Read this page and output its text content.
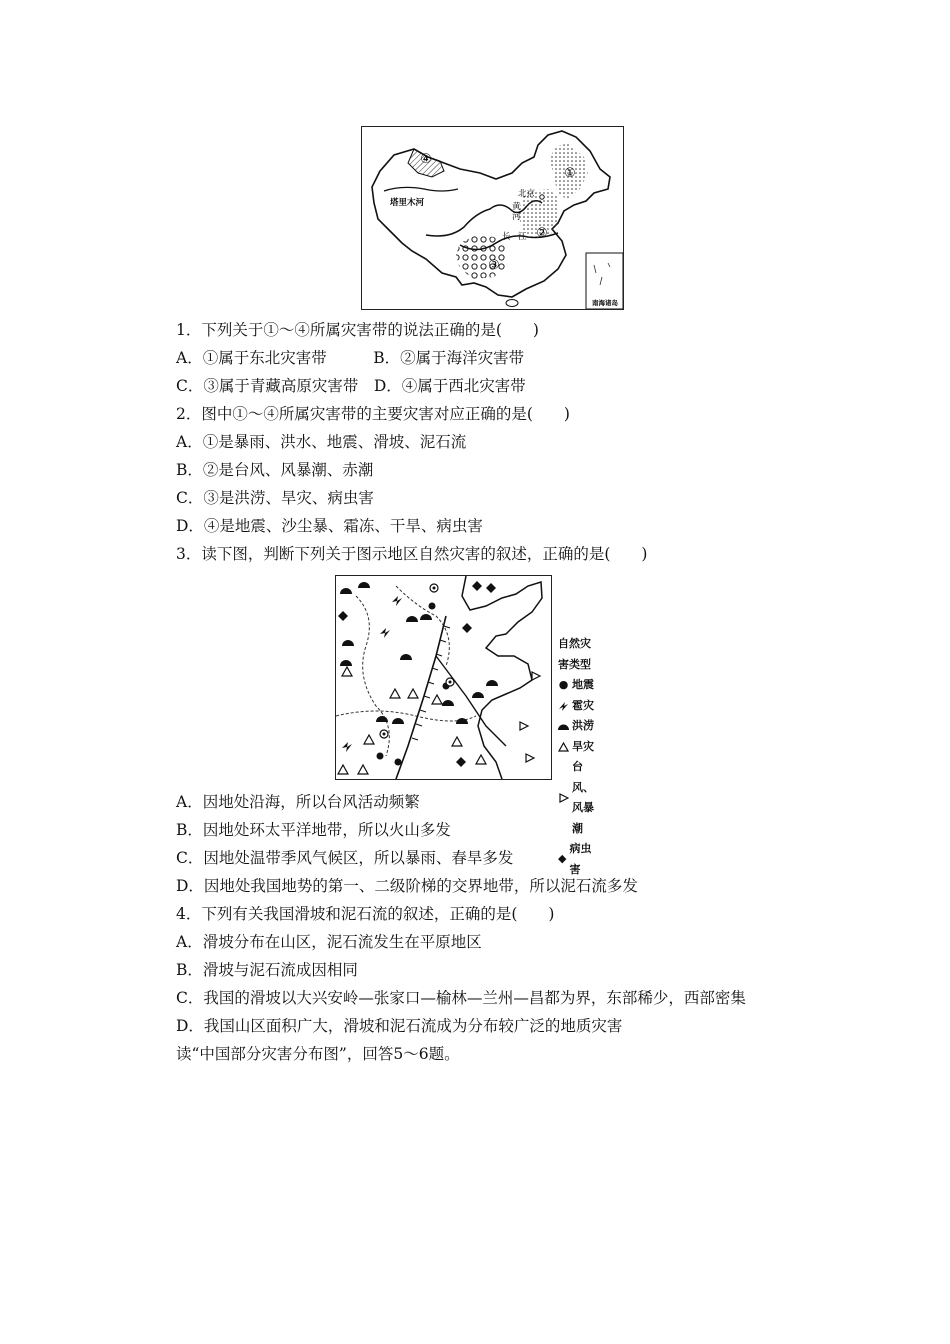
④
①
②
③
塔里木河
北京
黄
河
长 江
南海诸岛
1．下列关于①～④所属灾害带的说法正确的是(　　)
A．①属于东北灾害带　　　B．②属于海洋灾害带
C．③属于青藏高原灾害带　D．④属于西北灾害带
2．图中①～④所属灾害带的主要灾害对应正确的是(　　)
A．①是暴雨、洪水、地震、滑坡、泥石流
B．②是台风、风暴潮、赤潮
C．③是洪涝、旱灾、病虫害
D．④是地震、沙尘暴、霜冻、干旱、病虫害
3．读下图，判断下列关于图示地区自然灾害的叙述，正确的是(　　)
自然灾害类型
● 地震
雹灾
洪涝
旱灾
台风、风暴潮
◆
病虫害
A．因地处沿海，所以台风活动频繁
B．因地处环太平洋地带，所以火山多发
C．因地处温带季风气候区，所以暴雨、春旱多发
D．因地处我国地势的第一、二级阶梯的交界地带，所以泥石流多发
4．下列有关我国滑坡和泥石流的叙述，正确的是(　　)
A．滑坡分布在山区，泥石流发生在平原地区
B．滑坡与泥石流成因相同
C．我国的滑坡以大兴安岭—张家口—榆林—兰州—昌都为界，东部稀少，西部密集
D．我国山区面积广大，滑坡和泥石流成为分布较广泛的地质灾害
读“中国部分灾害分布图”，回答5～6题。
